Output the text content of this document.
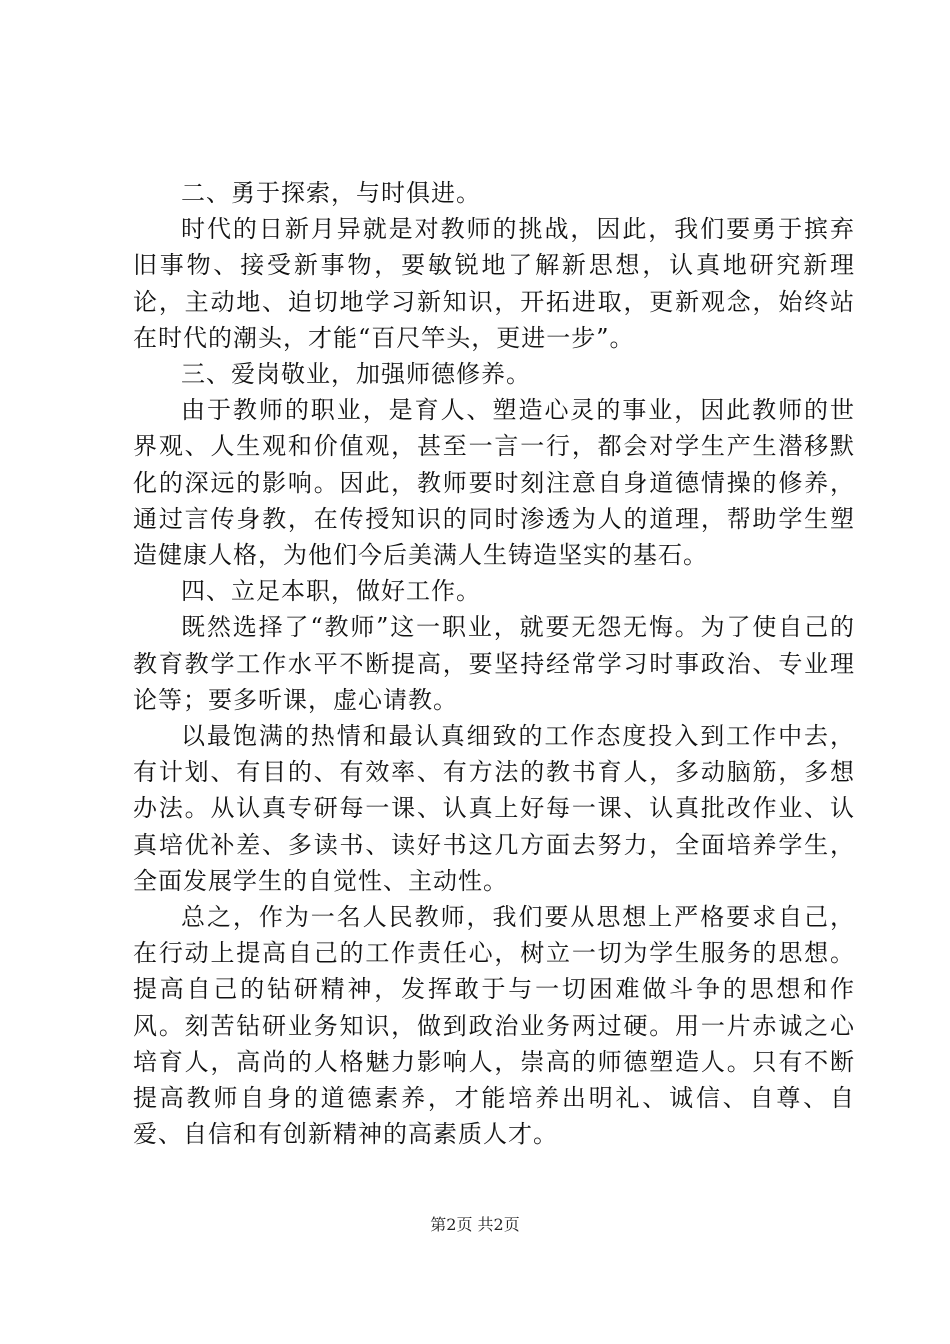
二、勇于探索，与时俱进。

时代的日新月异就是对教师的挑战，因此，我们要勇于摈弃旧事物、接受新事物，要敏锐地了解新思想，认真地研究新理论，主动地、迫切地学习新知识，开拓进取，更新观念，始终站在时代的潮头，才能“百尺竿头，更进一步”。

三、爱岗敬业，加强师德修养。

由于教师的职业，是育人、塑造心灵的事业，因此教师的世界观、人生观和价值观，甚至一言一行，都会对学生产生潜移默化的深远的影响。因此，教师要时刻注意自身道德情操的修养，通过言传身教，在传授知识的同时渗透为人的道理，帮助学生塑造健康人格，为他们今后美满人生铸造坚实的基石。

四、立足本职，做好工作。

既然选择了“教师”这一职业，就要无怨无悔。为了使自己的教育教学工作水平不断提高，要坚持经常学习时事政治、专业理论等；要多听课，虚心请教。

以最饱满的热情和最认真细致的工作态度投入到工作中去，有计划、有目的、有效率、有方法的教书育人，多动脑筋，多想办法。从认真专研每一课、认真上好每一课、认真批改作业、认真培优补差、多读书、读好书这几方面去努力，全面培养学生，全面发展学生的自觉性、主动性。

总之，作为一名人民教师，我们要从思想上严格要求自己，在行动上提高自己的工作责任心，树立一切为学生服务的思想。提高自己的钻研精神，发挥敢于与一切困难做斗争的思想和作风。刻苦钻研业务知识，做到政治业务两过硬。用一片赤诚之心培育人，高尚的人格魅力影响人，崇高的师德塑造人。只有不断提高教师自身的道德素养，才能培养出明礼、诚信、自尊、自爱、自信和有创新精神的高素质人才。

第2页 共2页
